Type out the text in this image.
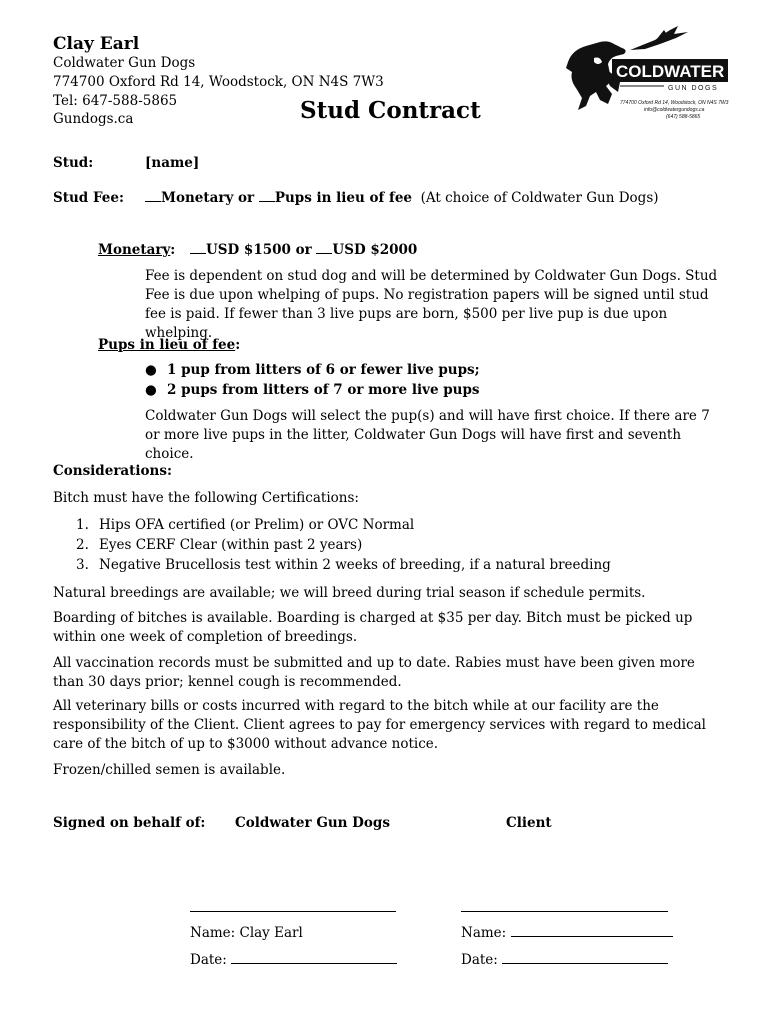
Clay Earl
Coldwater Gun Dogs
774700 Oxford Rd 14, Woodstock, ON N4S 7W3
Tel: 647-588-5865
Gundogs.ca	Stud Contract
COLDWATER
GUN DOGS
774700 Oxford Rd 14, Woodstock, ON N4S 7W3
info@coldwatergundogs.ca
(647) 588-5865
Stud:	[name]
Stud Fee:	Monetary or Pups in lieu of fee (At choice of Coldwater Gun Dogs)
Monetary:	USD $1500 or USD $2000
Fee is dependent on stud dog and will be determined by Coldwater Gun Dogs. Stud Fee is due upon whelping of pups. No registration papers will be signed until stud fee is paid. If fewer than 3 live pups are born, $500 per live pup is due upon whelping.
Pups in lieu of fee:
● 1 pup from litters of 6 or fewer live pups;
● 2 pups from litters of 7 or more live pups
Coldwater Gun Dogs will select the pup(s) and will have first choice. If there are 7 or more live pups in the litter, Coldwater Gun Dogs will have first and seventh choice.
Considerations:
Bitch must have the following Certifications:
1. Hips OFA certified (or Prelim) or OVC Normal
2. Eyes CERF Clear (within past 2 years)
3. Negative Brucellosis test within 2 weeks of breeding, if a natural breeding
Natural breedings are available; we will breed during trial season if schedule permits.
Boarding of bitches is available. Boarding is charged at $35 per day. Bitch must be picked up within one week of completion of breedings.
All vaccination records must be submitted and up to date. Rabies must have been given more than 30 days prior; kennel cough is recommended.
All veterinary bills or costs incurred with regard to the bitch while at our facility are the responsibility of the Client. Client agrees to pay for emergency services with regard to medical care of the bitch of up to $3000 without advance notice.
Frozen/chilled semen is available.
Signed on behalf of: Coldwater Gun Dogs	Client
Name: Clay Earl	Name:
Date:	Date:
